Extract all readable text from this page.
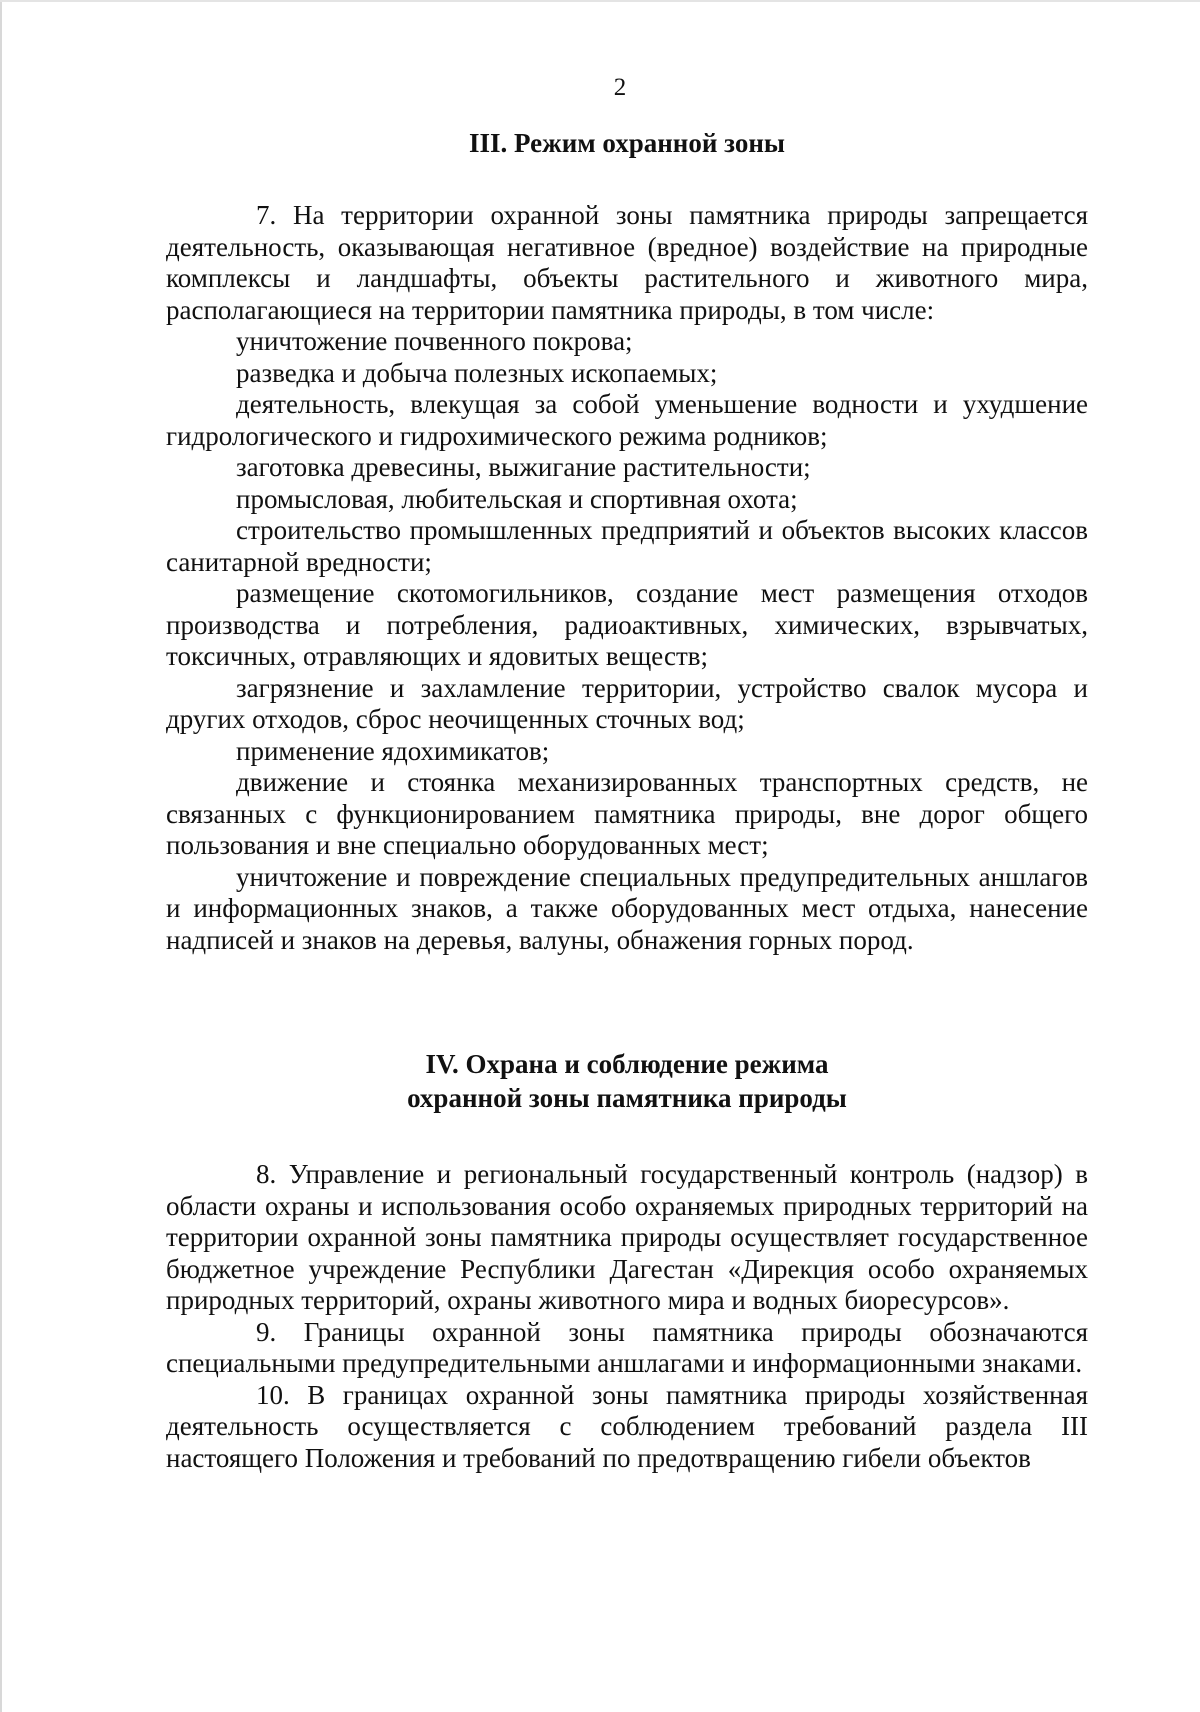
2
III. Режим охранной зоны

7. На территории охранной зоны памятника природы запрещается деятельность, оказывающая негативное (вредное) воздействие на природные комплексы и ландшафты, объекты растительного и животного мира, располагающиеся на территории памятника природы, в том числе:

уничтожение почвенного покрова;

разведка и добыча полезных ископаемых;

деятельность, влекущая за собой уменьшение водности и ухудшение гидрологического и гидрохимического режима родников;

заготовка древесины, выжигание растительности;

промысловая, любительская и спортивная охота;

строительство промышленных предприятий и объектов высоких классов санитарной вредности;

размещение скотомогильников, создание мест размещения отходов производства и потребления, радиоактивных, химических, взрывчатых, токсичных, отравляющих и ядовитых веществ;

загрязнение и захламление территории, устройство свалок мусора и других отходов, сброс неочищенных сточных вод;

применение ядохимикатов;

движение и стоянка механизированных транспортных средств, не связанных с функционированием памятника природы, вне дорог общего пользования и вне специально оборудованных мест;

уничтожение и повреждение специальных предупредительных аншлагов и информационных знаков, а также оборудованных мест отдыха, нанесение надписей и знаков на деревья, валуны, обнажения горных пород.

IV. Охрана и соблюдение режима
охранной зоны памятника природы

8. Управление и региональный государственный контроль (надзор) в области охраны и использования особо охраняемых природных территорий на территории охранной зоны памятника природы осуществляет государственное бюджетное учреждение Республики Дагестан «Дирекция особо охраняемых природных территорий, охраны животного мира и водных биоресурсов».

9. Границы охранной зоны памятника природы обозначаются специальными предупредительными аншлагами и информационными знаками.

10. В границах охранной зоны памятника природы хозяйственная деятельность осуществляется с соблюдением требований раздела III настоящего Положения и требований по предотвращению гибели объектов
